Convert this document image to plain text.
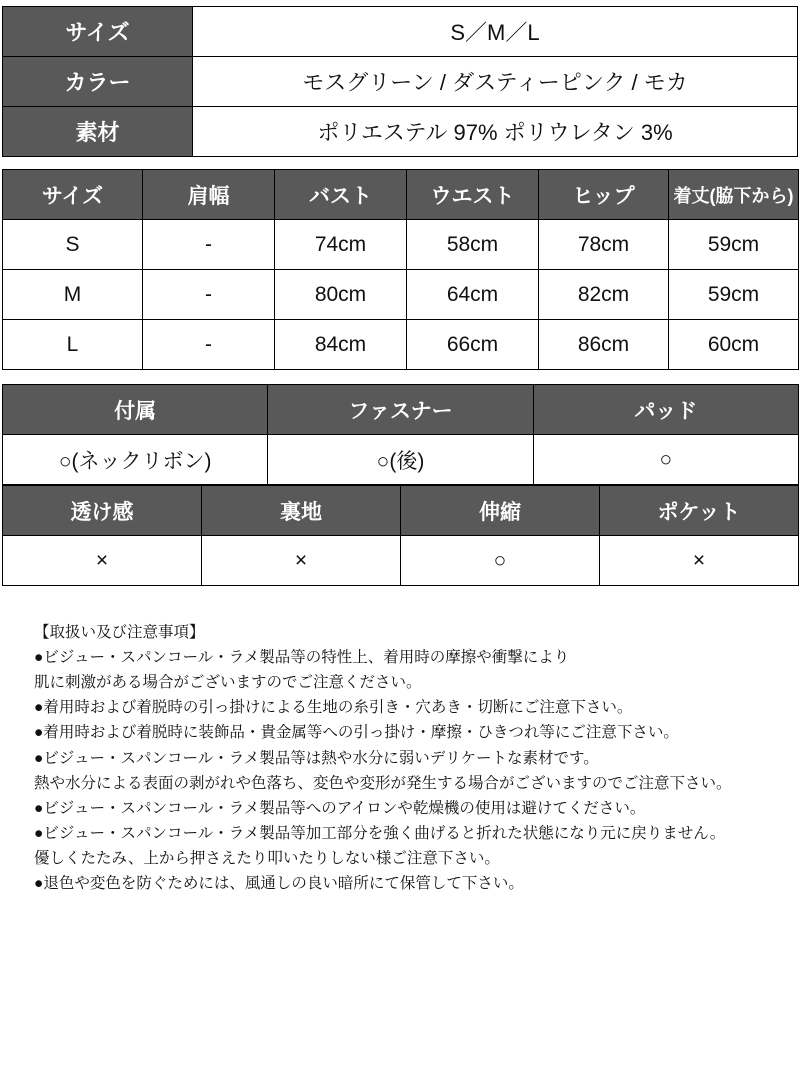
サイズ	S／M／L
カラー	モスグリーン / ダスティーピンク / モカ
素材	ポリエステル 97% ポリウレタン 3%
サイズ	肩幅	バスト	ウエスト	ヒップ	着丈(脇下から)
S	-	74cm	58cm	78cm	59cm
M	-	80cm	64cm	82cm	59cm
L	-	84cm	66cm	86cm	60cm
付属	ファスナー	パッド
○(ネックリボン)	○(後)	○
透け感	裏地	伸縮	ポケット
×	×	○	×
【取扱い及び注意事項】
●ビジュー・スパンコール・ラメ製品等の特性上、着用時の摩擦や衝撃により
肌に刺激がある場合がございますのでご注意ください。
●着用時および着脱時の引っ掛けによる生地の糸引き・穴あき・切断にご注意下さい。
●着用時および着脱時に装飾品・貴金属等への引っ掛け・摩擦・ひきつれ等にご注意下さい。
●ビジュー・スパンコール・ラメ製品等は熱や水分に弱いデリケートな素材です。
熱や水分による表面の剥がれや色落ち、変色や変形が発生する場合がございますのでご注意下さい。
●ビジュー・スパンコール・ラメ製品等へのアイロンや乾燥機の使用は避けてください。
●ビジュー・スパンコール・ラメ製品等加工部分を強く曲げると折れた状態になり元に戻りません。
優しくたたみ、上から押さえたり叩いたりしない様ご注意下さい。
●退色や変色を防ぐためには、風通しの良い暗所にて保管して下さい。
